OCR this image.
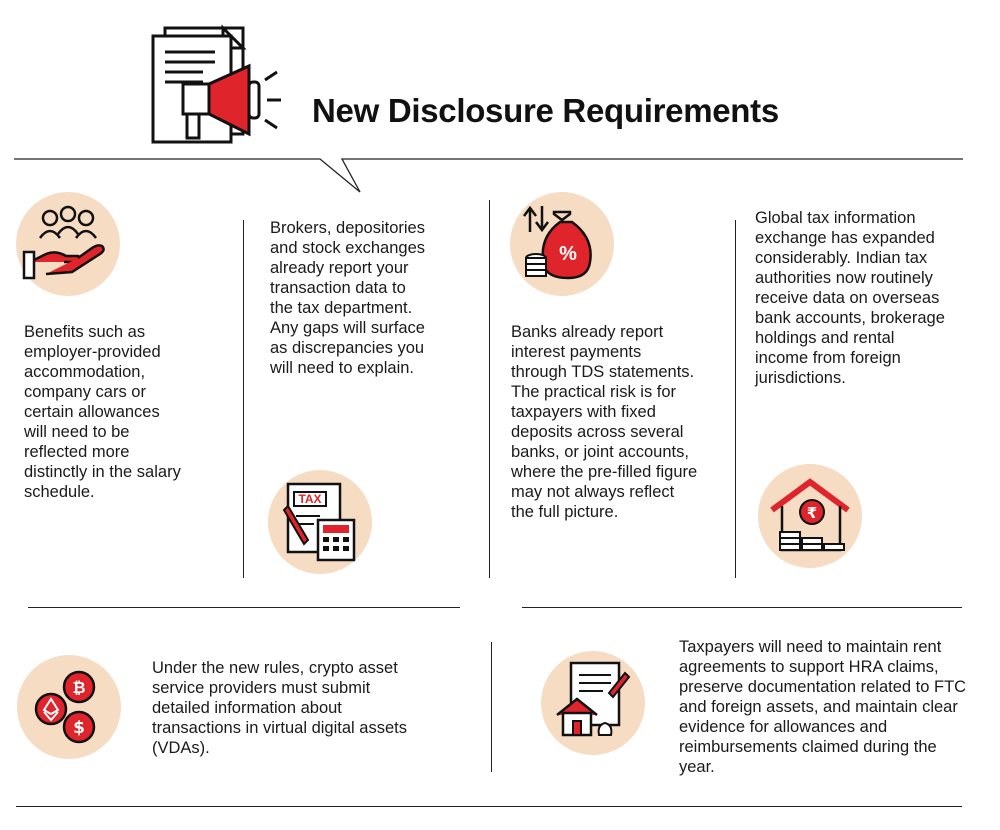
New Disclosure Requirements
Benefits such as employer-provided accommodation, company cars or certain allowances will need to be reflected more distinctly in the salary schedule.
Brokers, depositories and stock exchanges already report your transaction data to the tax department. Any gaps will surface as discrepancies you will need to explain.
TAX
%
Banks already report interest payments through TDS statements. The practical risk is for taxpayers with fixed deposits across several banks, or joint accounts, where the pre-filled figure may not always reflect the full picture.
Global tax information exchange has expanded considerably. Indian tax authorities now routinely receive data on overseas bank accounts, brokerage holdings and rental income from foreign jurisdictions.
₹
₿
$
Under the new rules, crypto asset service providers must submit detailed information about transactions in virtual digital assets (VDAs).
Taxpayers will need to maintain rent agreements to support HRA claims, preserve documentation related to FTC and foreign assets, and maintain clear evidence for allowances and reimbursements claimed during the year.
